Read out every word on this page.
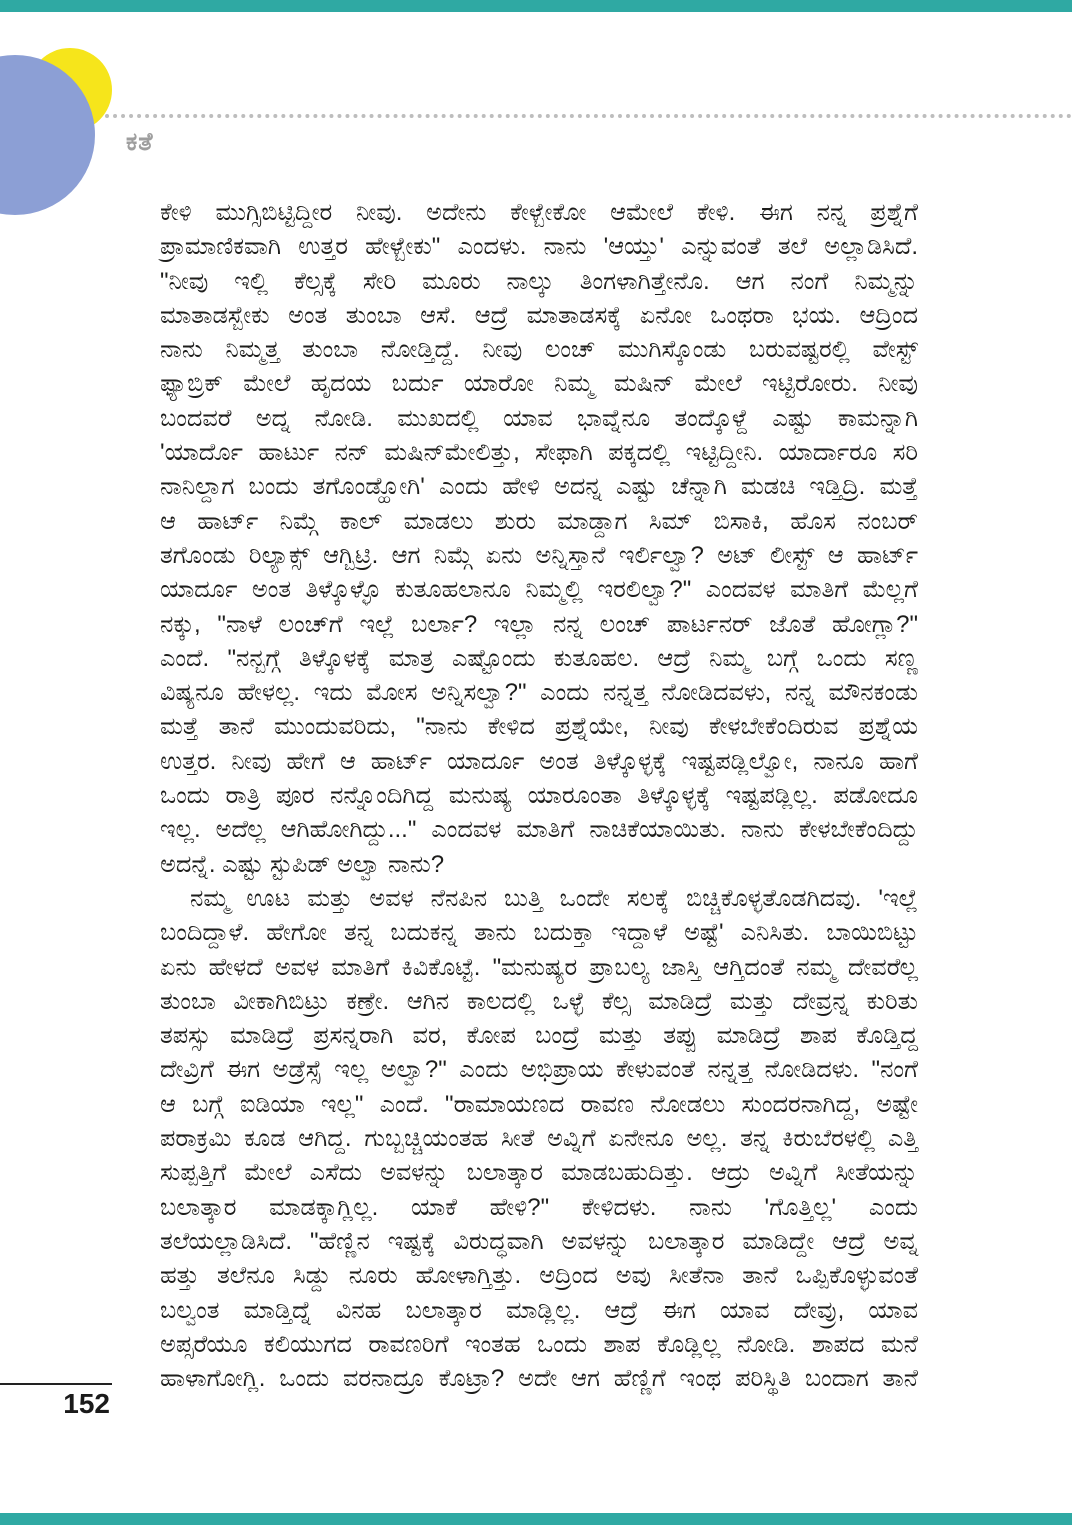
ಕತೆ
ಕೇಳಿ ಮುಗ್ಸಿಬಿಟ್ಟಿದ್ದೀರ ನೀವು. ಅದೇನು ಕೇಳ್ಬೇಕೋ ಆಮೇಲೆ ಕೇಳಿ. ಈಗ ನನ್ನ ಪ್ರಶ್ನೆಗೆ
ಪ್ರಾಮಾಣಿಕವಾಗಿ ಉತ್ತರ ಹೇಳ್ಬೇಕು" ಎಂದಳು. ನಾನು 'ಆಯ್ತು' ಎನ್ನುವಂತೆ ತಲೆ ಅಲ್ಲಾಡಿಸಿದೆ.
"ನೀವು ಇಲ್ಲಿ ಕೆಲ್ಸಕ್ಕೆ ಸೇರಿ ಮೂರು ನಾಲ್ಕು ತಿಂಗಳಾಗಿತ್ತೇನೊ. ಆಗ ನಂಗೆ ನಿಮ್ಮನ್ನು
ಮಾತಾಡಸ್ಬೇಕು ಅಂತ ತುಂಬಾ ಆಸೆ. ಆದ್ರೆ ಮಾತಾಡಸಕ್ಕೆ ಏನೋ ಒಂಥರಾ ಭಯ. ಆದ್ರಿಂದ
ನಾನು ನಿಮ್ಮತ್ತ ತುಂಬಾ ನೋಡ್ತಿದ್ದೆ. ನೀವು ಲಂಚ್ ಮುಗಿಸ್ಕೊಂಡು ಬರುವಷ್ಟರಲ್ಲಿ ವೇಸ್ಟ್
ಫ್ಯಾಬ್ರಿಕ್ ಮೇಲೆ ಹೃದಯ ಬರ್ದು ಯಾರೋ ನಿಮ್ಮ ಮಷಿನ್ ಮೇಲೆ ಇಟ್ಟಿರೋರು. ನೀವು
ಬಂದವರೆ ಅದ್ನ ನೋಡಿ. ಮುಖದಲ್ಲಿ ಯಾವ ಭಾವ್ನೆನೂ ತಂದ್ಕೊಳ್ದೆ ಎಷ್ಟು ಕಾಮನ್ನಾಗಿ
'ಯಾರ್ದೊ ಹಾರ್ಟು ನನ್ ಮಷಿನ್‌ಮೇಲಿತ್ತು, ಸೇಫಾಗಿ ಪಕ್ಕದಲ್ಲಿ ಇಟ್ಟಿದ್ದೀನಿ. ಯಾರ್ದಾರೂ ಸರಿ
ನಾನಿಲ್ದಾಗ ಬಂದು ತಗೊಂಡ್ಹೋಗಿ' ಎಂದು ಹೇಳಿ ಅದನ್ನ ಎಷ್ಟು ಚೆನ್ನಾಗಿ ಮಡಚಿ ಇಡ್ತಿದ್ರಿ. ಮತ್ತೆ
ಆ ಹಾರ್ಟ್ ನಿಮ್ಗೆ ಕಾಲ್ ಮಾಡಲು ಶುರು ಮಾಡ್ದಾಗ ಸಿಮ್ ಬಿಸಾಕಿ, ಹೊಸ ನಂಬರ್
ತಗೊಂಡು ರಿಲ್ಯಾಕ್ಸ್ ಆಗ್ಬಿಟ್ರಿ. ಆಗ ನಿಮ್ಗೆ ಏನು ಅನ್ನಿಸ್ತಾನೆ ಇರ್ಲಿಲ್ವಾ? ಅಟ್ ಲೀಸ್ಟ್ ಆ ಹಾರ್ಟ್
ಯಾರ್ದೂ ಅಂತ ತಿಳ್ಕೊಳ್ಳೊ ಕುತೂಹಲಾನೂ ನಿಮ್ಮಲ್ಲಿ ಇರಲಿಲ್ವಾ?" ಎಂದವಳ ಮಾತಿಗೆ ಮೆಲ್ಲಗೆ
ನಕ್ಕು, "ನಾಳೆ ಲಂಚ್‌ಗೆ ಇಲ್ಲೆ ಬರ್ಲಾ? ಇಲ್ಲಾ ನನ್ನ ಲಂಚ್ ಪಾರ್ಟನರ್ ಜೊತೆ ಹೋಗ್ಲಾ?"
ಎಂದೆ. "ನನ್ಬಗ್ಗೆ ತಿಳ್ಕೊಳಕ್ಕೆ ಮಾತ್ರ ಎಷ್ಟೊಂದು ಕುತೂಹಲ. ಆದ್ರೆ ನಿಮ್ಮ ಬಗ್ಗೆ ಒಂದು ಸಣ್ಣ
ವಿಷ್ಯನೂ ಹೇಳಲ್ಲ. ಇದು ಮೋಸ ಅನ್ನಿಸಲ್ವಾ?" ಎಂದು ನನ್ನತ್ತ ನೋಡಿದವಳು, ನನ್ನ ಮೌನಕಂಡು
ಮತ್ತೆ ತಾನೆ ಮುಂದುವರಿದು, "ನಾನು ಕೇಳಿದ ಪ್ರಶ್ನೆಯೇ, ನೀವು ಕೇಳಬೇಕೆಂದಿರುವ ಪ್ರಶ್ನೆಯ
ಉತ್ತರ. ನೀವು ಹೇಗೆ ಆ ಹಾರ್ಟ್ ಯಾರ್ದೂ ಅಂತ ತಿಳ್ಕೊಳ್ಳಕ್ಕೆ ಇಷ್ಟಪಡ್ಲಿಲ್ವೋ, ನಾನೂ ಹಾಗೆ
ಒಂದು ರಾತ್ರಿ ಪೂರ ನನ್ನೊಂದಿಗಿದ್ದ ಮನುಷ್ಯ ಯಾರೂಂತಾ ತಿಳ್ಕೊಳ್ಳಕ್ಕೆ ಇಷ್ಟಪಡ್ಲಿಲ್ಲ. ಪಡೋದೂ
ಇಲ್ಲ. ಅದೆಲ್ಲ ಆಗಿಹೋಗಿದ್ದು..." ಎಂದವಳ ಮಾತಿಗೆ ನಾಚಿಕೆಯಾಯಿತು. ನಾನು ಕೇಳಬೇಕೆಂದಿದ್ದು
ಅದನ್ನೆ. ಎಷ್ಟು ಸ್ಟುಪಿಡ್ ಅಲ್ವಾ ನಾನು?
ನಮ್ಮ ಊಟ ಮತ್ತು ಅವಳ ನೆನಪಿನ ಬುತ್ತಿ ಒಂದೇ ಸಲಕ್ಕೆ ಬಿಚ್ಚಿಕೊಳ್ಳತೊಡಗಿದವು. 'ಇಲ್ಲೆ
ಬಂದಿದ್ದಾಳೆ. ಹೇಗೋ ತನ್ನ ಬದುಕನ್ನ ತಾನು ಬದುಕ್ತಾ ಇದ್ದಾಳೆ ಅಷ್ಟೆ' ಎನಿಸಿತು. ಬಾಯಿಬಿಟ್ಟು
ಏನು ಹೇಳದೆ ಅವಳ ಮಾತಿಗೆ ಕಿವಿಕೊಟ್ಟೆ. "ಮನುಷ್ಯರ ಪ್ರಾಬಲ್ಯ ಜಾಸ್ತಿ ಆಗ್ತಿದಂತೆ ನಮ್ಮ ದೇವರೆಲ್ಲ
ತುಂಬಾ ವೀಕಾಗಿಬಿಟ್ರು ಕಣ್ರೇ. ಆಗಿನ ಕಾಲದಲ್ಲಿ ಒಳ್ಳೆ ಕೆಲ್ಸ ಮಾಡಿದ್ರೆ ಮತ್ತು ದೇವ್ರನ್ನ ಕುರಿತು
ತಪಸ್ಸು ಮಾಡಿದ್ರೆ ಪ್ರಸನ್ನರಾಗಿ ವರ, ಕೋಪ ಬಂದ್ರೆ ಮತ್ತು ತಪ್ಪು ಮಾಡಿದ್ರೆ ಶಾಪ ಕೊಡ್ತಿದ್ದ
ದೇವ್ರಿಗೆ ಈಗ ಅಡ್ರೆಸ್ಸೆ ಇಲ್ಲ ಅಲ್ವಾ?" ಎಂದು ಅಭಿಪ್ರಾಯ ಕೇಳುವಂತೆ ನನ್ನತ್ತ ನೋಡಿದಳು. "ನಂಗೆ
ಆ ಬಗ್ಗೆ ಐಡಿಯಾ ಇಲ್ಲ" ಎಂದೆ. "ರಾಮಾಯಣದ ರಾವಣ ನೋಡಲು ಸುಂದರನಾಗಿದ್ದ, ಅಷ್ಟೇ
ಪರಾಕ್ರಮಿ ಕೂಡ ಆಗಿದ್ದ. ಗುಬ್ಬಚ್ಚಿಯಂತಹ ಸೀತೆ ಅವ್ನಿಗೆ ಏನೇನೂ ಅಲ್ಲ. ತನ್ನ ಕಿರುಬೆರಳಲ್ಲಿ ಎತ್ತಿ
ಸುಪ್ಪತ್ತಿಗೆ ಮೇಲೆ ಎಸೆದು ಅವಳನ್ನು ಬಲಾತ್ಕಾರ ಮಾಡಬಹುದಿತ್ತು. ಆದ್ರು ಅವ್ನಿಗೆ ಸೀತೆಯನ್ನು
ಬಲಾತ್ಕಾರ ಮಾಡಕ್ಕಾಗ್ಲಿಲ್ಲ. ಯಾಕೆ ಹೇಳಿ?" ಕೇಳಿದಳು. ನಾನು 'ಗೊತ್ತಿಲ್ಲ' ಎಂದು
ತಲೆಯಲ್ಲಾಡಿಸಿದೆ. "ಹೆಣ್ಣಿನ ಇಷ್ಟಕ್ಕೆ ವಿರುದ್ಧವಾಗಿ ಅವಳನ್ನು ಬಲಾತ್ಕಾರ ಮಾಡಿದ್ದೇ ಆದ್ರೆ ಅವ್ನ
ಹತ್ತು ತಲೆನೂ ಸಿಡ್ದು ನೂರು ಹೋಳಾಗ್ತಿತ್ತು. ಅದ್ರಿಂದ ಅವು ಸೀತೆನಾ ತಾನೆ ಒಪ್ಪಿಕೊಳ್ಳುವಂತೆ
ಬಲ್ವಂತ ಮಾಡ್ತಿದ್ನೆ ವಿನಹ ಬಲಾತ್ಕಾರ ಮಾಡ್ಲಿಲ್ಲ. ಆದ್ರೆ ಈಗ ಯಾವ ದೇವ್ರು, ಯಾವ
ಅಪ್ಸರೆಯೂ ಕಲಿಯುಗದ ರಾವಣರಿಗೆ ಇಂತಹ ಒಂದು ಶಾಪ ಕೊಡ್ಲಿಲ್ಲ ನೋಡಿ. ಶಾಪದ ಮನೆ
ಹಾಳಾಗೋಗ್ಲಿ. ಒಂದು ವರನಾದ್ರೂ ಕೊಟ್ರಾ? ಅದೇ ಆಗ ಹೆಣ್ಣಿಗೆ ಇಂಥ ಪರಿಸ್ಥಿತಿ ಬಂದಾಗ ತಾನೆ
152
